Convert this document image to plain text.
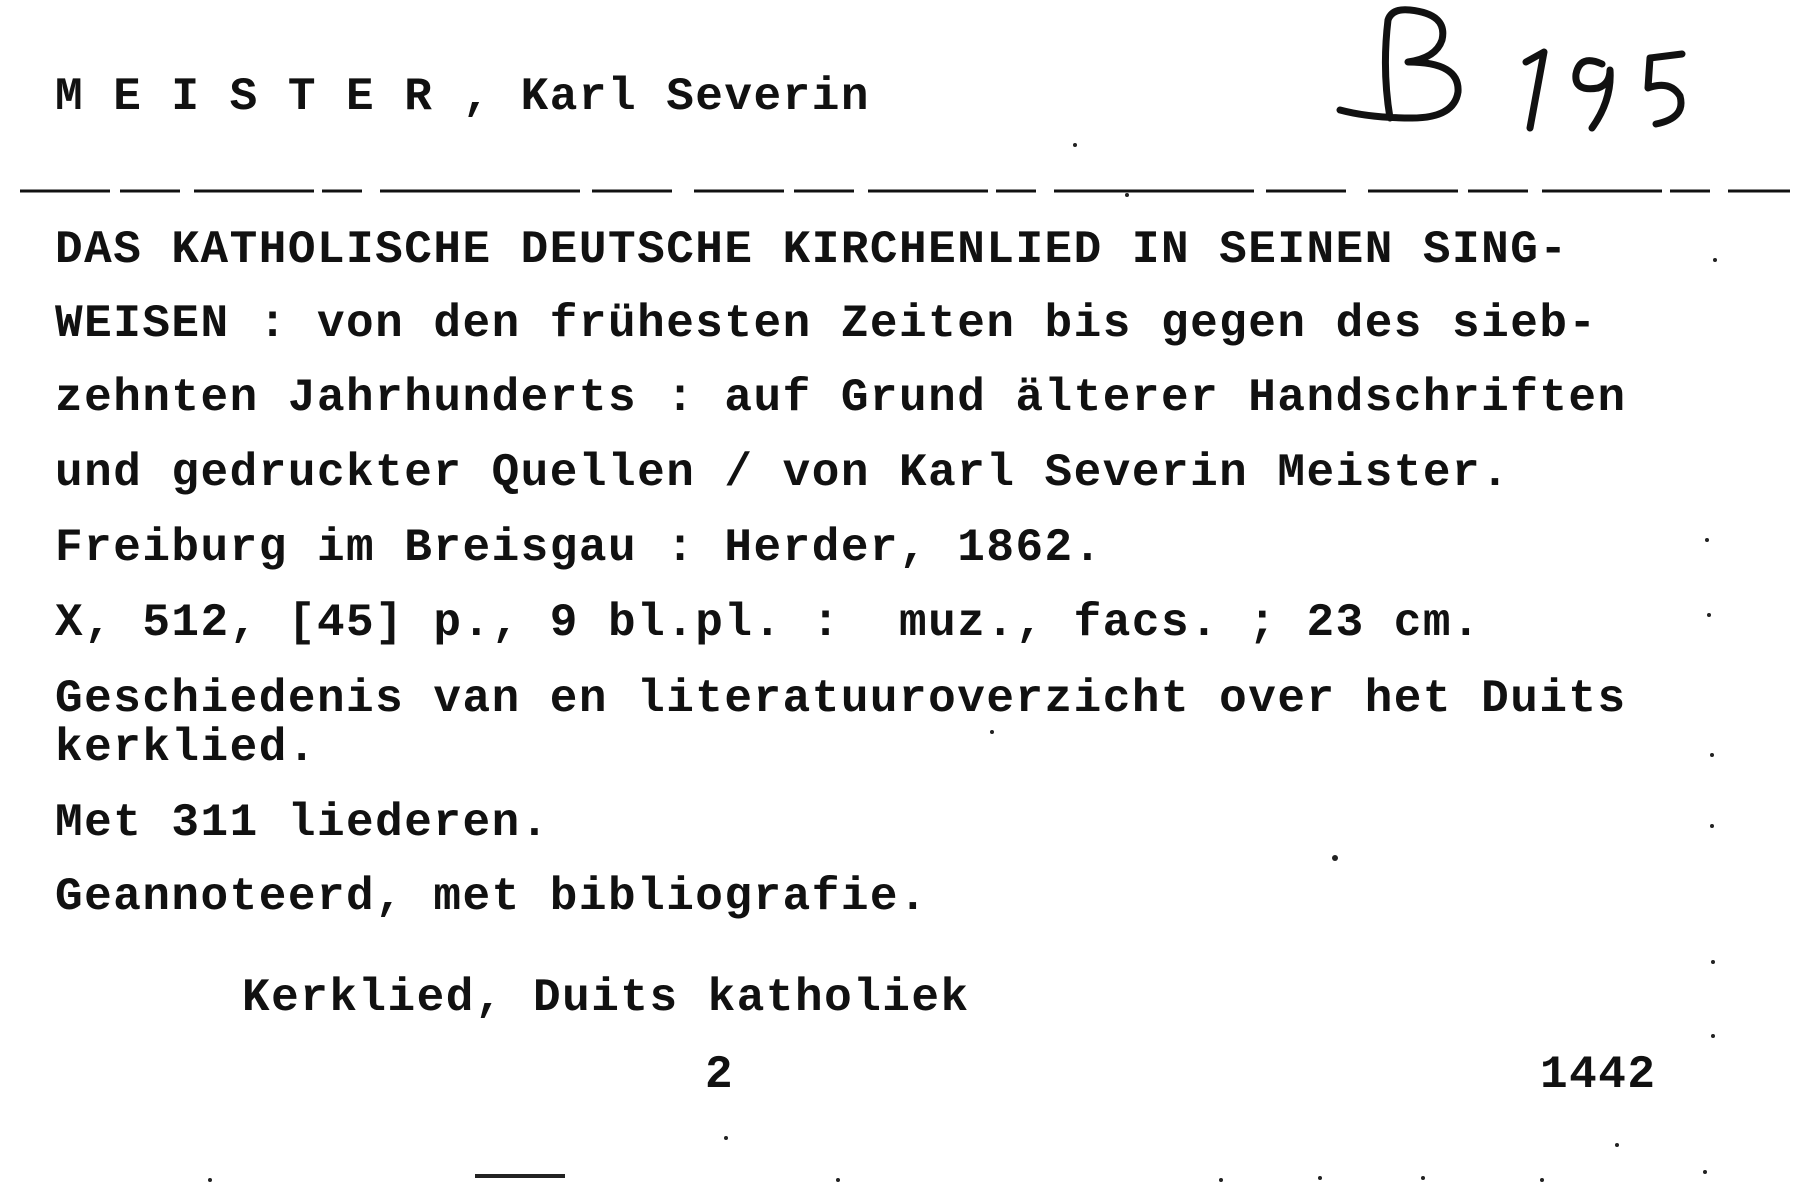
M E I S T E R , Karl Severin
DAS KATHOLISCHE DEUTSCHE KIRCHENLIED IN SEINEN SING-
WEISEN : von den frühesten Zeiten bis gegen des sieb-
zehnten Jahrhunderts : auf Grund älterer Handschriften
und gedruckter Quellen / von Karl Severin Meister.
Freiburg im Breisgau : Herder, 1862.
X, 512, [45] p., 9 bl.pl. :  muz., facs. ; 23 cm.
Geschiedenis van en literatuuroverzicht over het Duits
kerklied.
Met 311 liederen.
Geannoteerd, met bibliografie.
Kerklied, Duits katholiek
2	1442
